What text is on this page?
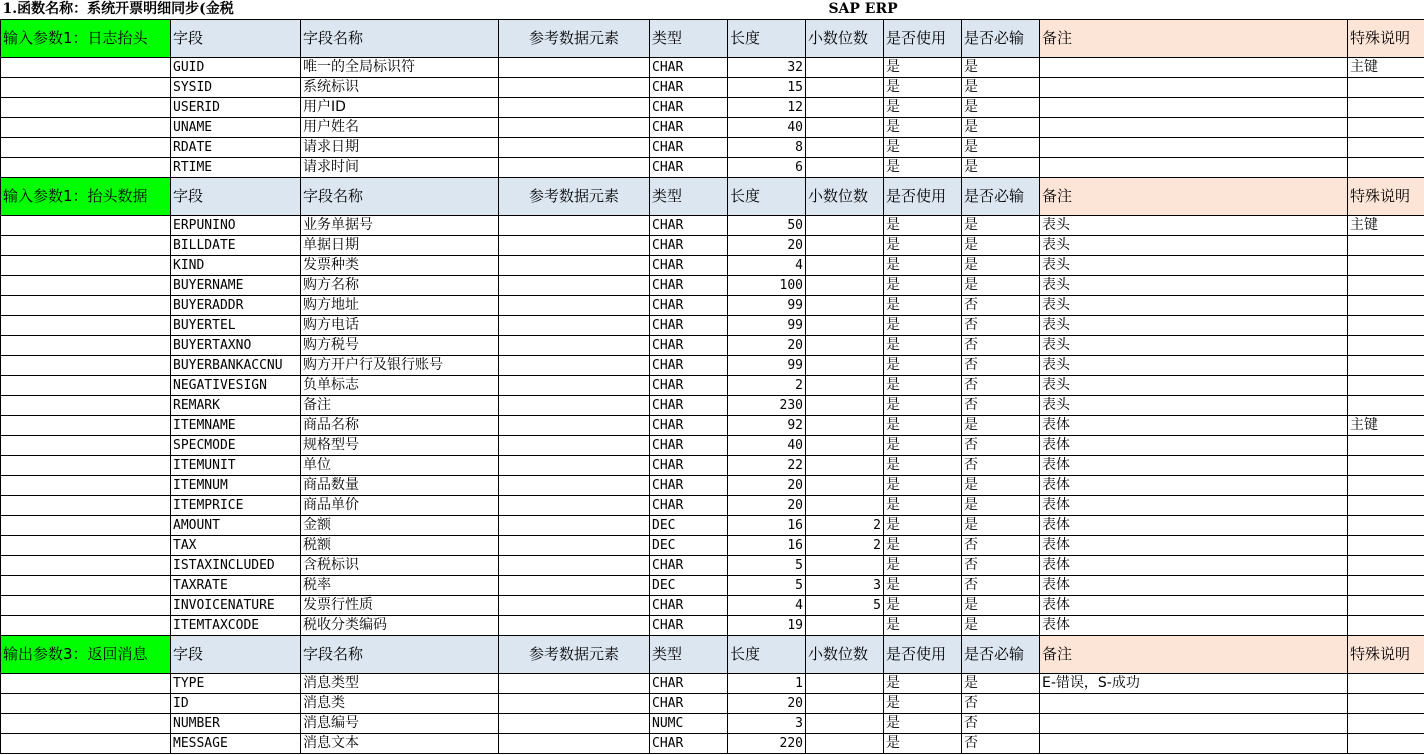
1.函数名称：系统开票明细同步(金税		SAP ERP								
输入参数1：日志抬头	字段	字段名称	参考数据元素	类型	长度	小数位数	是否使用	是否必输	备注	特殊说明
	GUID	唯一的全局标识符		CHAR	32		是	是		主键
	SYSID	系统标识		CHAR	15		是	是		
	USERID	用户ID		CHAR	12		是	是		
	UNAME	用户姓名		CHAR	40		是	是		
	RDATE	请求日期		CHAR	8		是	是		
	RTIME	请求时间		CHAR	6		是	是		
输入参数1：抬头数据	字段	字段名称	参考数据元素	类型	长度	小数位数	是否使用	是否必输	备注	特殊说明
	ERPUNINO	业务单据号		CHAR	50		是	是	表头	主键
	BILLDATE	单据日期		CHAR	20		是	是	表头	
	KIND	发票种类		CHAR	4		是	是	表头	
	BUYERNAME	购方名称		CHAR	100		是	是	表头	
	BUYERADDR	购方地址		CHAR	99		是	否	表头	
	BUYERTEL	购方电话		CHAR	99		是	否	表头	
	BUYERTAXNO	购方税号		CHAR	20		是	否	表头	
	BUYERBANKACCNU	购方开户行及银行账号		CHAR	99		是	否	表头	
	NEGATIVESIGN	负单标志		CHAR	2		是	否	表头	
	REMARK	备注		CHAR	230		是	否	表头	
	ITEMNAME	商品名称		CHAR	92		是	是	表体	主键
	SPECMODE	规格型号		CHAR	40		是	否	表体	
	ITEMUNIT	单位		CHAR	22		是	否	表体	
	ITEMNUM	商品数量		CHAR	20		是	是	表体	
	ITEMPRICE	商品单价		CHAR	20		是	是	表体	
	AMOUNT	金额		DEC	16	2	是	是	表体	
	TAX	税额		DEC	16	2	是	否	表体	
	ISTAXINCLUDED	含税标识		CHAR	5		是	否	表体	
	TAXRATE	税率		DEC	5	3	是	否	表体	
	INVOICENATURE	发票行性质		CHAR	4	5	是	是	表体	
	ITEMTAXCODE	税收分类编码		CHAR	19		是	是	表体	
输出参数3：返回消息	字段	字段名称	参考数据元素	类型	长度	小数位数	是否使用	是否必输	备注	特殊说明
	TYPE	消息类型		CHAR	1		是	是	E-错误，S-成功	
	ID	消息类		CHAR	20		是	否		
	NUMBER	消息编号		NUMC	3		是	否		
	MESSAGE	消息文本		CHAR	220		是	否		
